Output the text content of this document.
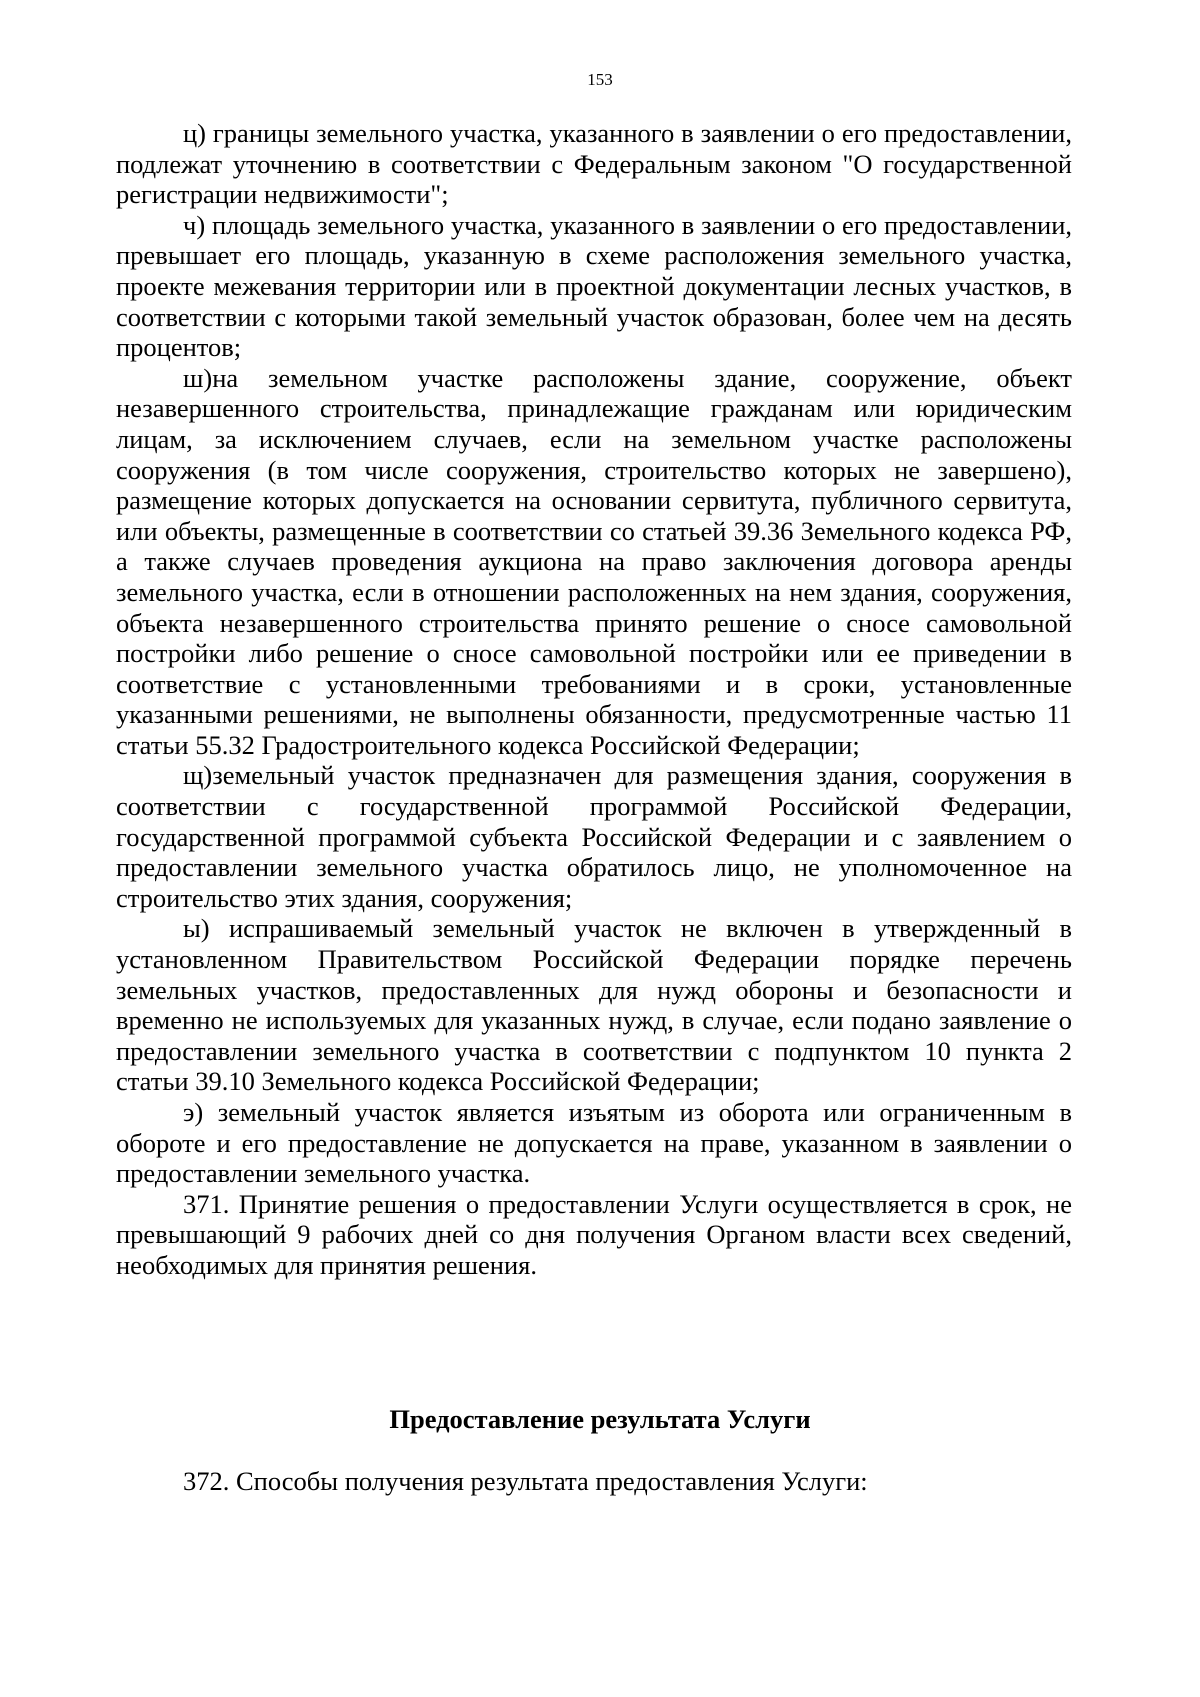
153

ц) границы земельного участка, указанного в заявлении о его предоставлении, подлежат уточнению в соответствии с Федеральным законом "О государственной регистрации недвижимости";

ч) площадь земельного участка, указанного в заявлении о его предоставлении, превышает его площадь, указанную в схеме расположения земельного участка, проекте межевания территории или в проектной документации лесных участков, в соответствии с которыми такой земельный участок образован, более чем на десять процентов;

ш)на земельном участке расположены здание, сооружение, объект незавершенного строительства, принадлежащие гражданам или юридическим лицам, за исключением случаев, если на земельном участке расположены сооружения (в том числе сооружения, строительство которых не завершено), размещение которых допускается на основании сервитута, публичного сервитута, или объекты, размещенные в соответствии со статьей 39.36 Земельного кодекса РФ, а также случаев проведения аукциона на право заключения договора аренды земельного участка, если в отношении расположенных на нем здания, сооружения, объекта незавершенного строительства принято решение о сносе самовольной постройки либо решение о сносе самовольной постройки или ее приведении в соответствие с установленными требованиями и в сроки, установленные указанными решениями, не выполнены обязанности, предусмотренные частью 11 статьи 55.32 Градостроительного кодекса Российской Федерации;

щ)земельный участок предназначен для размещения здания, сооружения в соответствии с государственной программой Российской Федерации, государственной программой субъекта Российской Федерации и с заявлением о предоставлении земельного участка обратилось лицо, не уполномоченное на строительство этих здания, сооружения;

ы) испрашиваемый земельный участок не включен в утвержденный в установленном Правительством Российской Федерации порядке перечень земельных участков, предоставленных для нужд обороны и безопасности и временно не используемых для указанных нужд, в случае, если подано заявление о предоставлении земельного участка в соответствии с подпунктом 10 пункта 2 статьи 39.10 Земельного кодекса Российской Федерации;

э) земельный участок является изъятым из оборота или ограниченным в обороте и его предоставление не допускается на праве, указанном в заявлении о предоставлении земельного участка.

371. Принятие решения о предоставлении Услуги осуществляется в срок, не превышающий 9 рабочих дней со дня получения Органом власти всех сведений, необходимых для принятия решения.

Предоставление результата Услуги
372. Способы получения результата предоставления Услуги:
